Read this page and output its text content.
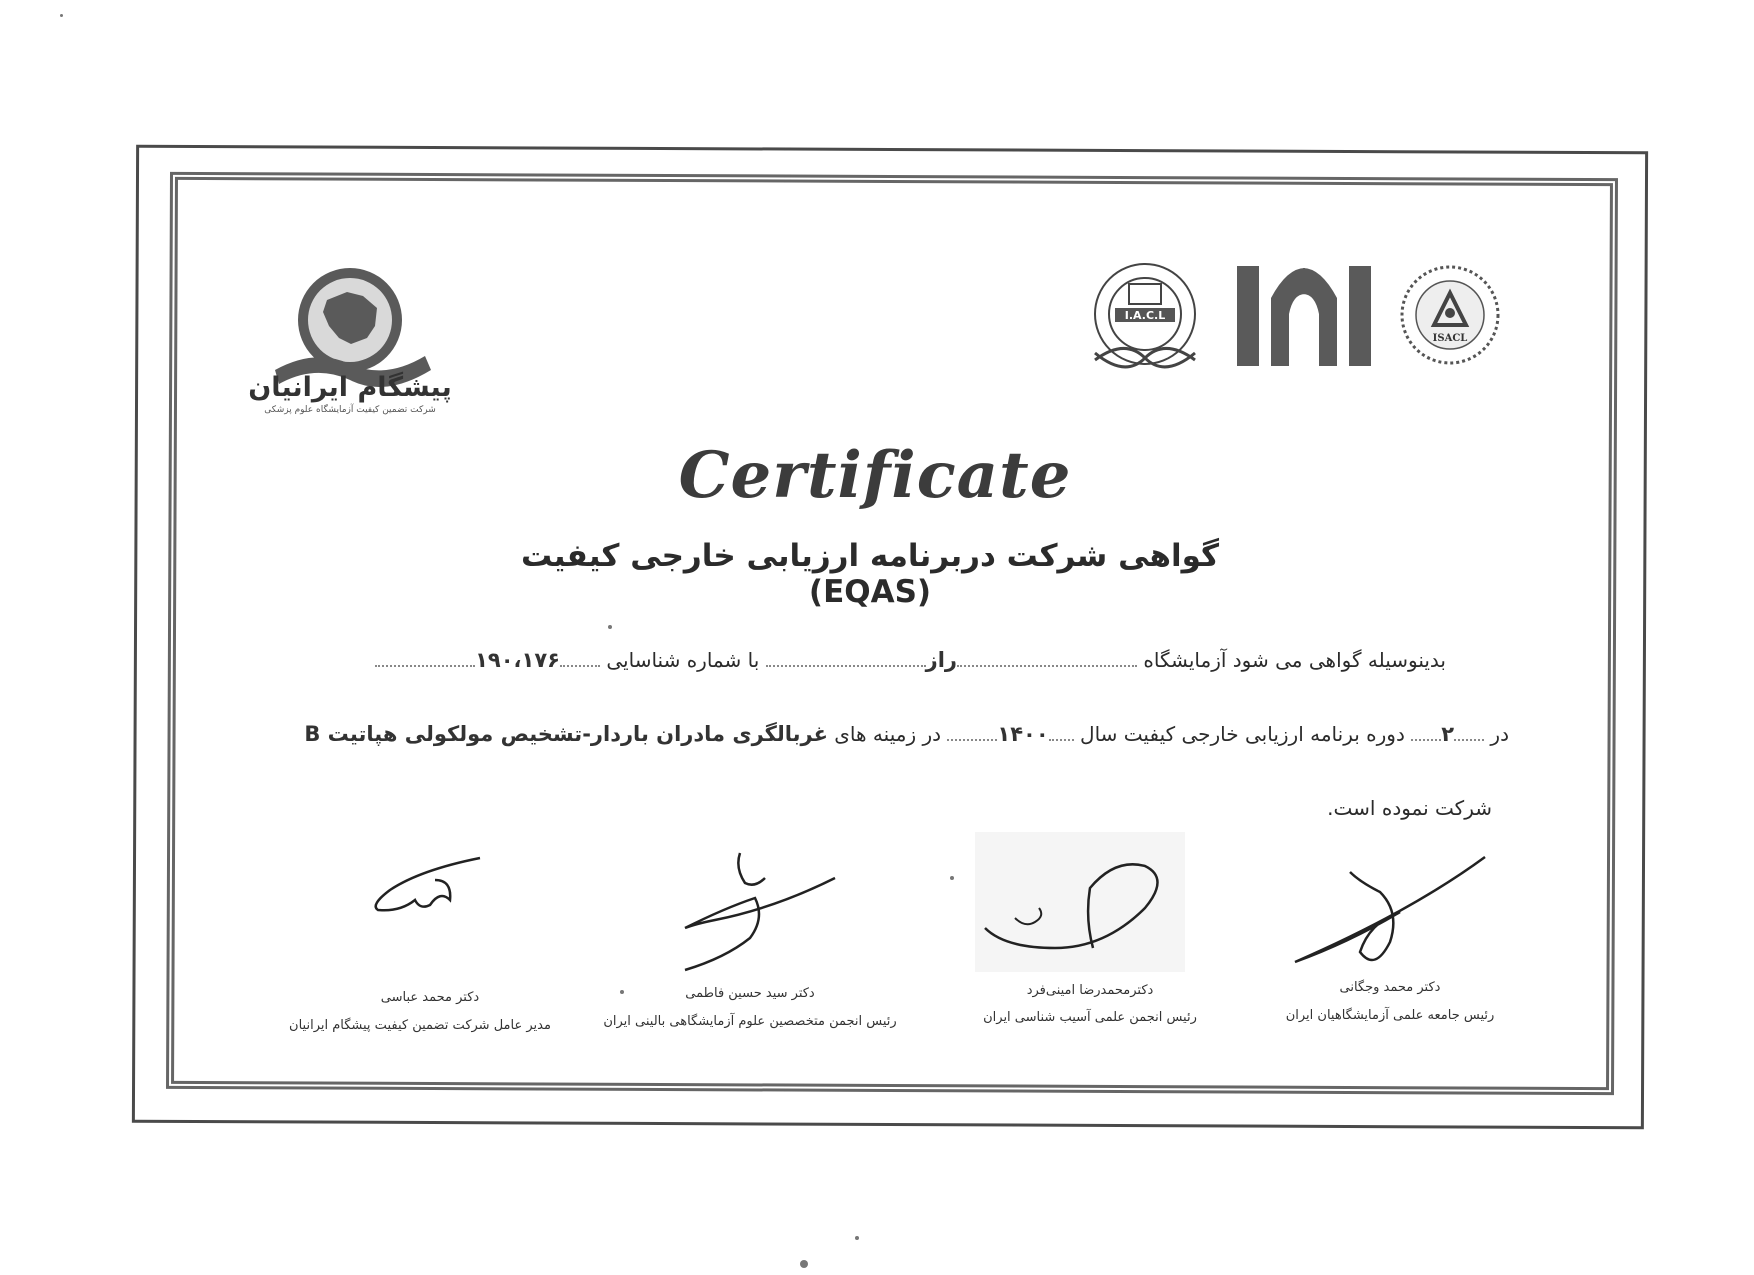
پیشگام ایرانیان
شرکت تضمین کیفیت آزمایشگاه علوم پزشکی
I.A.C.L
ISACL
Certificate
گواهی شرکت دربرنامه ارزیابی خارجی کیفیت (EQAS)
بدینوسیله گواهی می شود آزمایشگاه راز با شماره شناسایی ۱۹۰،۱۷۶
در ۲ دوره برنامه ارزیابی خارجی کیفیت سال ۱۴۰۰ در زمینه های غربالگری مادران باردار-تشخیص مولکولی هپاتیت B
شرکت نموده است.
دکتر محمد عباسی
مدیر عامل شرکت تضمین کیفیت پیشگام ایرانیان
دکتر سید حسین فاطمی
رئیس انجمن متخصصین علوم آزمایشگاهی بالینی ایران
دکترمحمدرضا امینی‌فرد
رئیس انجمن علمی آسیب شناسی ایران
دکتر محمد وجگانی
رئیس جامعه علمی آزمایشگاهیان ایران
